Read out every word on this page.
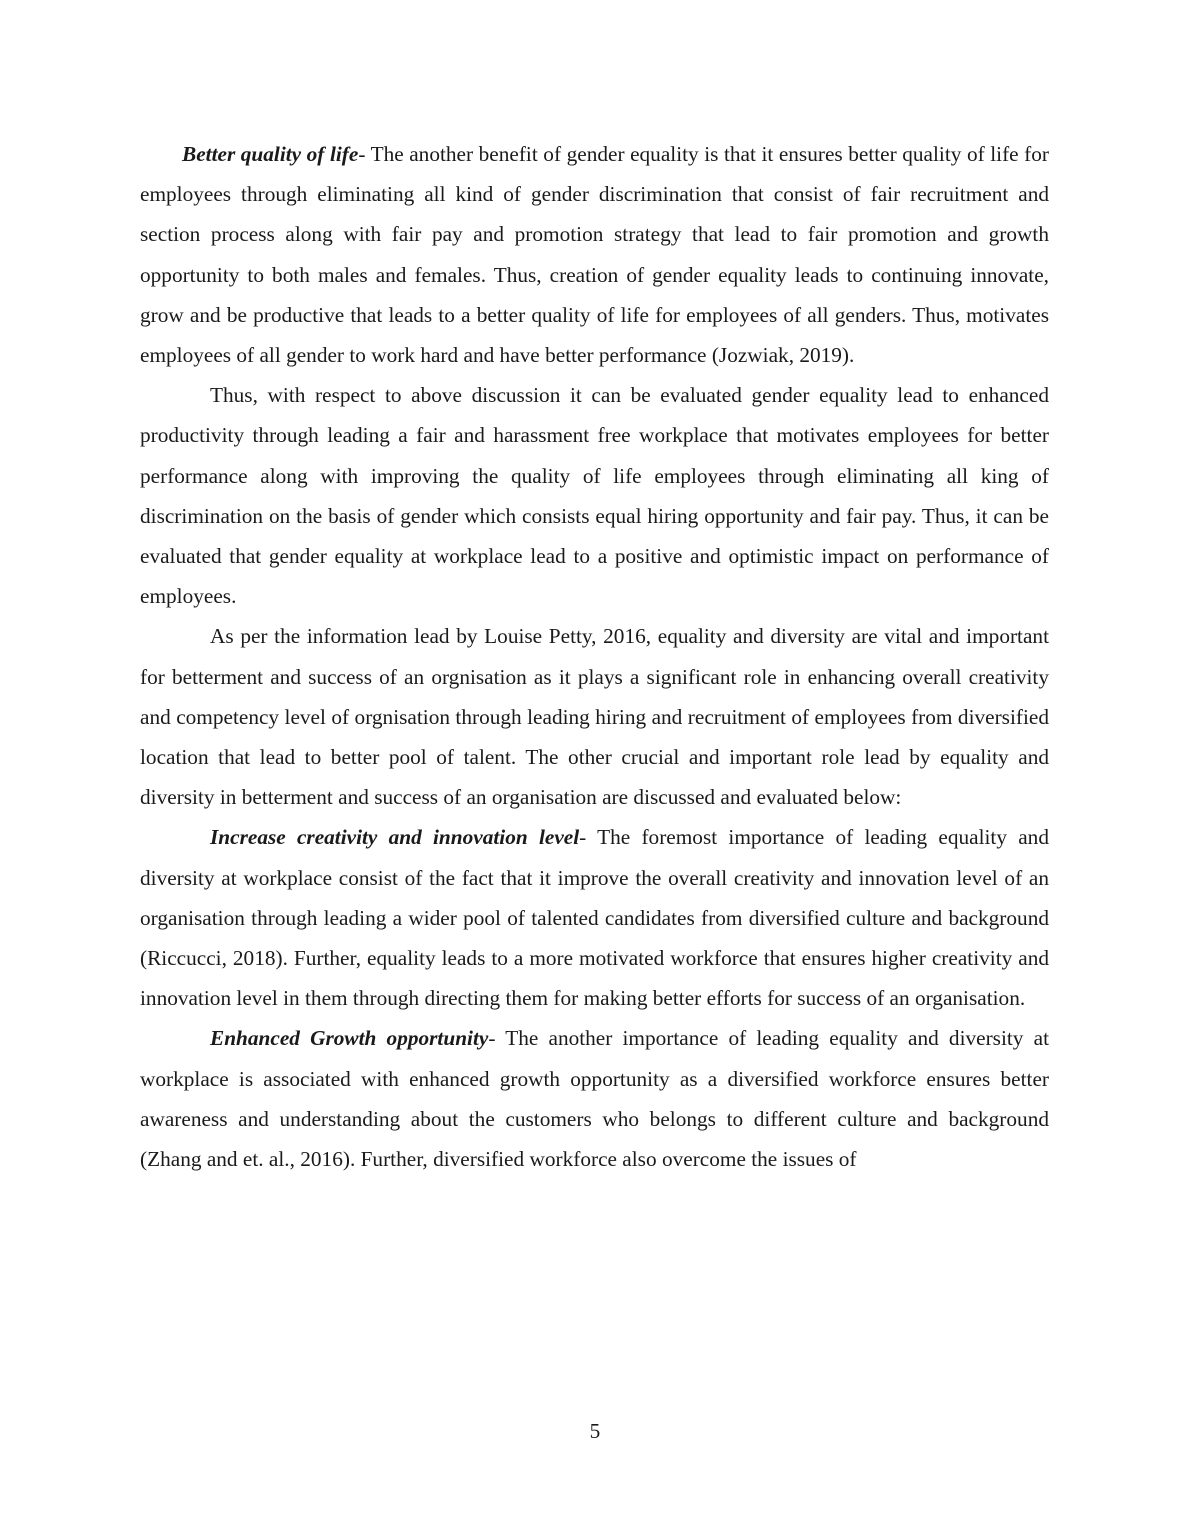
Better quality of life- The another benefit of gender equality is that it ensures better quality of life for employees through eliminating all kind of gender discrimination that consist of fair recruitment and section process along with fair pay and promotion strategy that lead to fair promotion and growth opportunity to both males and females. Thus, creation of gender equality leads to continuing innovate, grow and be productive that leads to a better quality of life for employees of all genders. Thus, motivates employees of all gender to work hard and have better performance (Jozwiak, 2019).

Thus, with respect to above discussion it can be evaluated gender equality lead to enhanced productivity through leading a fair and harassment free workplace that motivates employees for better performance along with improving the quality of life employees through eliminating all king of discrimination on the basis of gender which consists equal hiring opportunity and fair pay. Thus, it can be evaluated that gender equality at workplace lead to a positive and optimistic impact on performance of employees.

As per the information lead by Louise Petty, 2016, equality and diversity are vital and important for betterment and success of an orgnisation as it plays a significant role in enhancing overall creativity and competency level of orgnisation through leading hiring and recruitment of employees from diversified location that lead to better pool of talent. The other crucial and important role lead by equality and diversity in betterment and success of an organisation are discussed and evaluated below:

Increase creativity and innovation level- The foremost importance of leading equality and diversity at workplace consist of the fact that it improve the overall creativity and innovation level of an organisation through leading a wider pool of talented candidates from diversified culture and background (Riccucci, 2018). Further, equality leads to a more motivated workforce that ensures higher creativity and innovation level in them through directing them for making better efforts for success of an organisation.

Enhanced Growth opportunity- The another importance of leading equality and diversity at workplace is associated with enhanced growth opportunity as a diversified workforce ensures better awareness and understanding about the customers who belongs to different culture and background (Zhang and et. al., 2016). Further, diversified workforce also overcome the issues of

5
